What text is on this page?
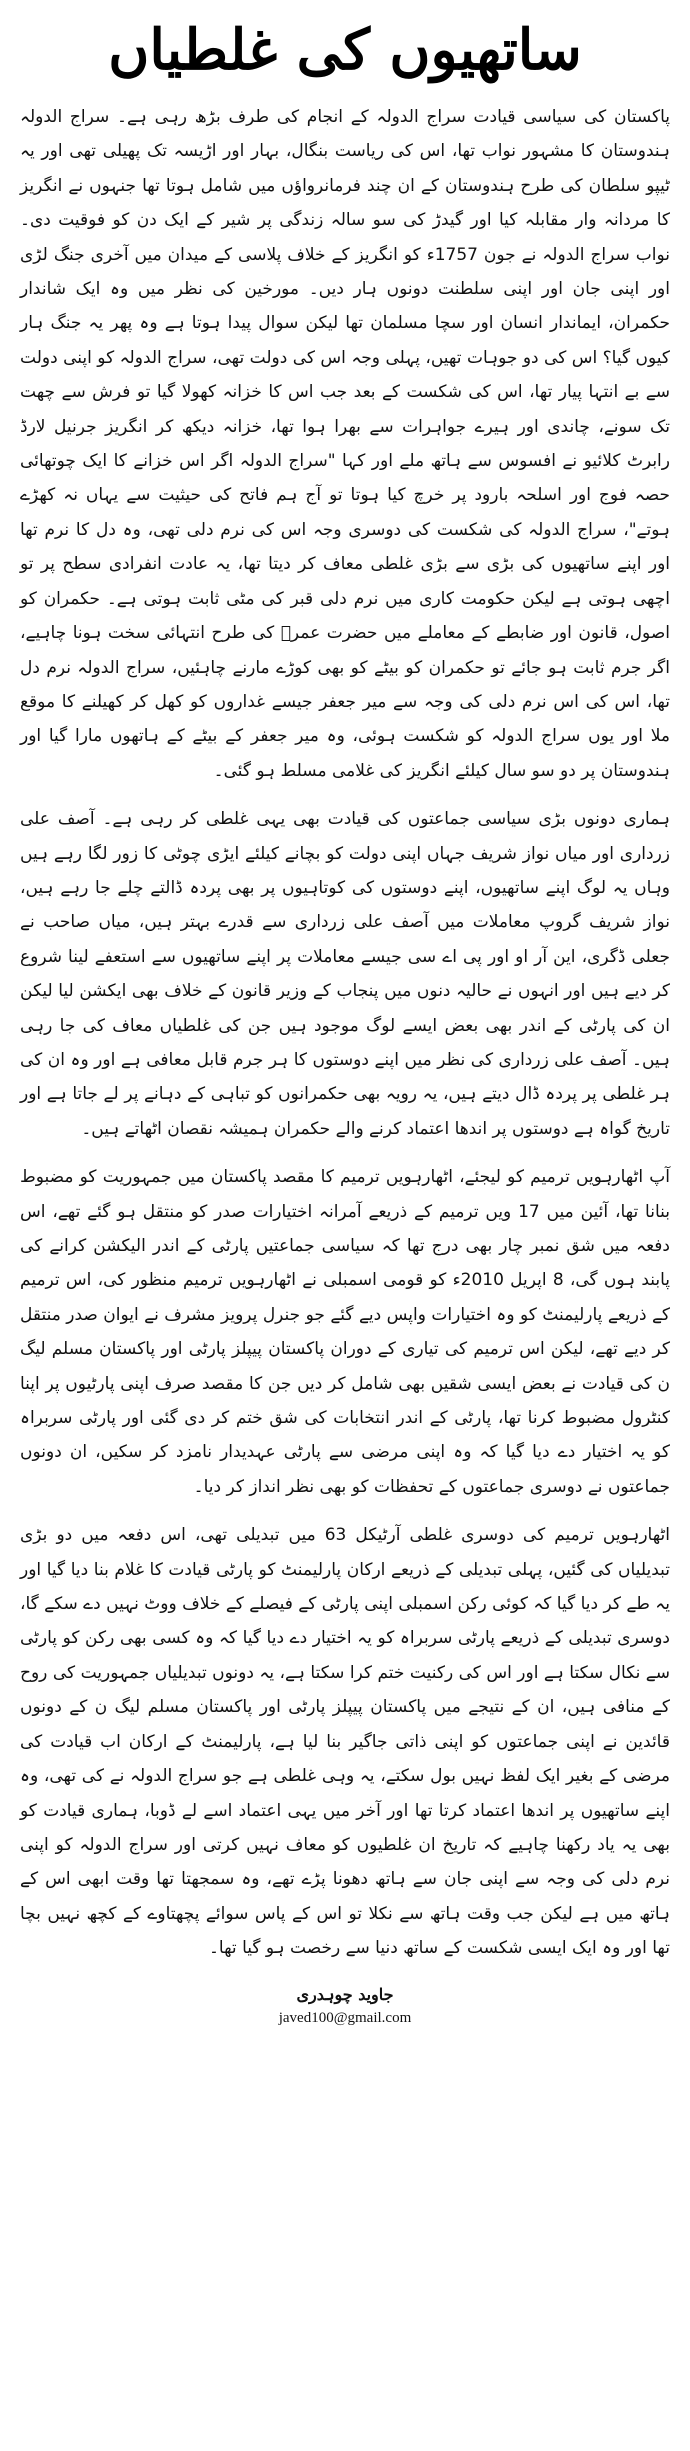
ساتھیوں کی غلطیاں

پاکستان کی سیاسی قیادت سراج الدولہ کے انجام کی طرف بڑھ رہی ہے۔ سراج الدولہ ہندوستان کا مشہور نواب تھا، اس کی ریاست بنگال، بہار اور اڑیسہ تک پھیلی تھی اور یہ ٹیپو سلطان کی طرح ہندوستان کے ان چند فرمانرواؤں میں شامل ہوتا تھا جنہوں نے انگریز کا مردانہ وار مقابلہ کیا اور گیدڑ کی سو سالہ زندگی پر شیر کے ایک دن کو فوقیت دی۔ نواب سراج الدولہ نے جون 1757ء کو انگریز کے خلاف پلاسی کے میدان میں آخری جنگ لڑی اور اپنی جان اور اپنی سلطنت دونوں ہار دیں۔ مورخین کی نظر میں وہ ایک شاندار حکمران، ایماندار انسان اور سچا مسلمان تھا لیکن سوال پیدا ہوتا ہے وہ پھر یہ جنگ ہار کیوں گیا؟ اس کی دو جوہات تھیں، پہلی وجہ اس کی دولت تھی، سراج الدولہ کو اپنی دولت سے بے انتہا پیار تھا، اس کی شکست کے بعد جب اس کا خزانہ کھولا گیا تو فرش سے چھت تک سونے، چاندی اور ہیرے جواہرات سے بھرا ہوا تھا، خزانہ دیکھ کر انگریز جرنیل لارڈ رابرٹ کلائیو نے افسوس سے ہاتھ ملے اور کہا "سراج الدولہ اگر اس خزانے کا ایک چوتھائی حصہ فوج اور اسلحہ بارود پر خرچ کیا ہوتا تو آج ہم فاتح کی حیثیت سے یہاں نہ کھڑے ہوتے"، سراج الدولہ کی شکست کی دوسری وجہ اس کی نرم دلی تھی، وہ دل کا نرم تھا اور اپنے ساتھیوں کی بڑی سے بڑی غلطی معاف کر دیتا تھا، یہ عادت انفرادی سطح پر تو اچھی ہوتی ہے لیکن حکومت کاری میں نرم دلی قبر کی مٹی ثابت ہوتی ہے۔ حکمران کو اصول، قانون اور ضابطے کے معاملے میں حضرت عمرؓ کی طرح انتہائی سخت ہونا چاہیے، اگر جرم ثابت ہو جائے تو حکمران کو بیٹے کو بھی کوڑے مارنے چاہئیں، سراج الدولہ نرم دل تھا، اس کی اس نرم دلی کی وجہ سے میر جعفر جیسے غداروں کو کھل کر کھیلنے کا موقع ملا اور یوں سراج الدولہ کو شکست ہوئی، وہ میر جعفر کے بیٹے کے ہاتھوں مارا گیا اور ہندوستان پر دو سو سال کیلئے انگریز کی غلامی مسلط ہو گئی۔

ہماری دونوں بڑی سیاسی جماعتوں کی قیادت بھی یہی غلطی کر رہی ہے۔ آصف علی زرداری اور میاں نواز شریف جہاں اپنی دولت کو بچانے کیلئے ایڑی چوٹی کا زور لگا رہے ہیں وہاں یہ لوگ اپنے ساتھیوں، اپنے دوستوں کی کوتاہیوں پر بھی پردہ ڈالتے چلے جا رہے ہیں، نواز شریف گروپ معاملات میں آصف علی زرداری سے قدرے بہتر ہیں، میاں صاحب نے جعلی ڈگری، این آر او اور پی اے سی جیسے معاملات پر اپنے ساتھیوں سے استعفے لینا شروع کر دیے ہیں اور انہوں نے حالیہ دنوں میں پنجاب کے وزیر قانون کے خلاف بھی ایکشن لیا لیکن ان کی پارٹی کے اندر بھی بعض ایسے لوگ موجود ہیں جن کی غلطیاں معاف کی جا رہی ہیں۔ آصف علی زرداری کی نظر میں اپنے دوستوں کا ہر جرم قابل معافی ہے اور وہ ان کی ہر غلطی پر پردہ ڈال دیتے ہیں، یہ رویہ بھی حکمرانوں کو تباہی کے دہانے پر لے جاتا ہے اور تاریخ گواہ ہے دوستوں پر اندھا اعتماد کرنے والے حکمران ہمیشہ نقصان اٹھاتے ہیں۔

آپ اٹھارہویں ترمیم کو لیجئے، اٹھارہویں ترمیم کا مقصد پاکستان میں جمہوریت کو مضبوط بنانا تھا، آئین میں 17 ویں ترمیم کے ذریعے آمرانہ اختیارات صدر کو منتقل ہو گئے تھے، اس دفعہ میں شق نمبر چار بھی درج تھا کہ سیاسی جماعتیں پارٹی کے اندر الیکشن کرانے کی پابند ہوں گی، 8 اپریل 2010ء کو قومی اسمبلی نے اٹھارہویں ترمیم منظور کی، اس ترمیم کے ذریعے پارلیمنٹ کو وہ اختیارات واپس دیے گئے جو جنرل پرویز مشرف نے ایوان صدر منتقل کر دیے تھے، لیکن اس ترمیم کی تیاری کے دوران پاکستان پیپلز پارٹی اور پاکستان مسلم لیگ ن کی قیادت نے بعض ایسی شقیں بھی شامل کر دیں جن کا مقصد صرف اپنی پارٹیوں پر اپنا کنٹرول مضبوط کرنا تھا، پارٹی کے اندر انتخابات کی شق ختم کر دی گئی اور پارٹی سربراہ کو یہ اختیار دے دیا گیا کہ وہ اپنی مرضی سے پارٹی عہدیدار نامزد کر سکیں، ان دونوں جماعتوں نے دوسری جماعتوں کے تحفظات کو بھی نظر انداز کر دیا۔

اٹھارہویں ترمیم کی دوسری غلطی آرٹیکل 63 میں تبدیلی تھی، اس دفعہ میں دو بڑی تبدیلیاں کی گئیں، پہلی تبدیلی کے ذریعے ارکان پارلیمنٹ کو پارٹی قیادت کا غلام بنا دیا گیا اور یہ طے کر دیا گیا کہ کوئی رکن اسمبلی اپنی پارٹی کے فیصلے کے خلاف ووٹ نہیں دے سکے گا، دوسری تبدیلی کے ذریعے پارٹی سربراہ کو یہ اختیار دے دیا گیا کہ وہ کسی بھی رکن کو پارٹی سے نکال سکتا ہے اور اس کی رکنیت ختم کرا سکتا ہے، یہ دونوں تبدیلیاں جمہوریت کی روح کے منافی ہیں، ان کے نتیجے میں پاکستان پیپلز پارٹی اور پاکستان مسلم لیگ ن کے دونوں قائدین نے اپنی جماعتوں کو اپنی ذاتی جاگیر بنا لیا ہے، پارلیمنٹ کے ارکان اب قیادت کی مرضی کے بغیر ایک لفظ نہیں بول سکتے، یہ وہی غلطی ہے جو سراج الدولہ نے کی تھی، وہ اپنے ساتھیوں پر اندھا اعتماد کرتا تھا اور آخر میں یہی اعتماد اسے لے ڈوبا، ہماری قیادت کو بھی یہ یاد رکھنا چاہیے کہ تاریخ ان غلطیوں کو معاف نہیں کرتی اور سراج الدولہ کو اپنی نرم دلی کی وجہ سے اپنی جان سے ہاتھ دھونا پڑے تھے، وہ سمجھتا تھا وقت ابھی اس کے ہاتھ میں ہے لیکن جب وقت ہاتھ سے نکلا تو اس کے پاس سوائے پچھتاوے کے کچھ نہیں بچا تھا اور وہ ایک ایسی شکست کے ساتھ دنیا سے رخصت ہو گیا تھا۔

جاوید چوہدری
javed100@gmail.com
